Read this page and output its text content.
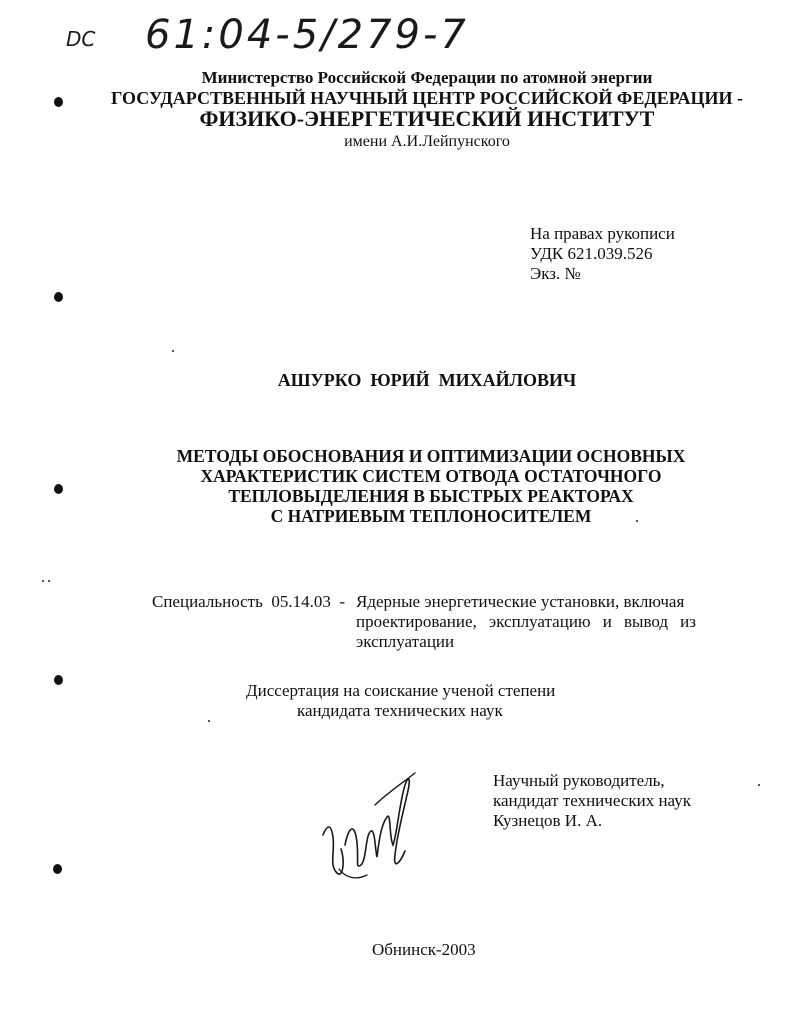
DC 61:04-5/279-7
Министерство Российской Федерации по атомной энергии
ГОСУДАРСТВЕННЫЙ НАУЧНЫЙ ЦЕНТР РОССИЙСКОЙ ФЕДЕРАЦИИ -
ФИЗИКО-ЭНЕРГЕТИЧЕСКИЙ ИНСТИТУТ
имени А.И.Лейпунского
На правах рукописи
УДК 621.039.526
Экз. №
АШУРКО  ЮРИЙ  МИХАЙЛОВИЧ
МЕТОДЫ ОБОСНОВАНИЯ И ОПТИМИЗАЦИИ ОСНОВНЫХ
ХАРАКТЕРИСТИК СИСТЕМ ОТВОДА ОСТАТОЧНОГО
ТЕПЛОВЫДЕЛЕНИЯ В БЫСТРЫХ РЕАКТОРАХ
С НАТРИЕВЫМ ТЕПЛОНОСИТЕЛЕМ
Специальность  05.14.03  - Ядерные энергетические установки, включая
проектирование, эксплуатацию и вывод из
эксплуатации
Диссертация на соискание ученой степени
кандидата технических наук
Научный руководитель,
кандидат технических наук
Кузнецов И. А.
Обнинск-2003
